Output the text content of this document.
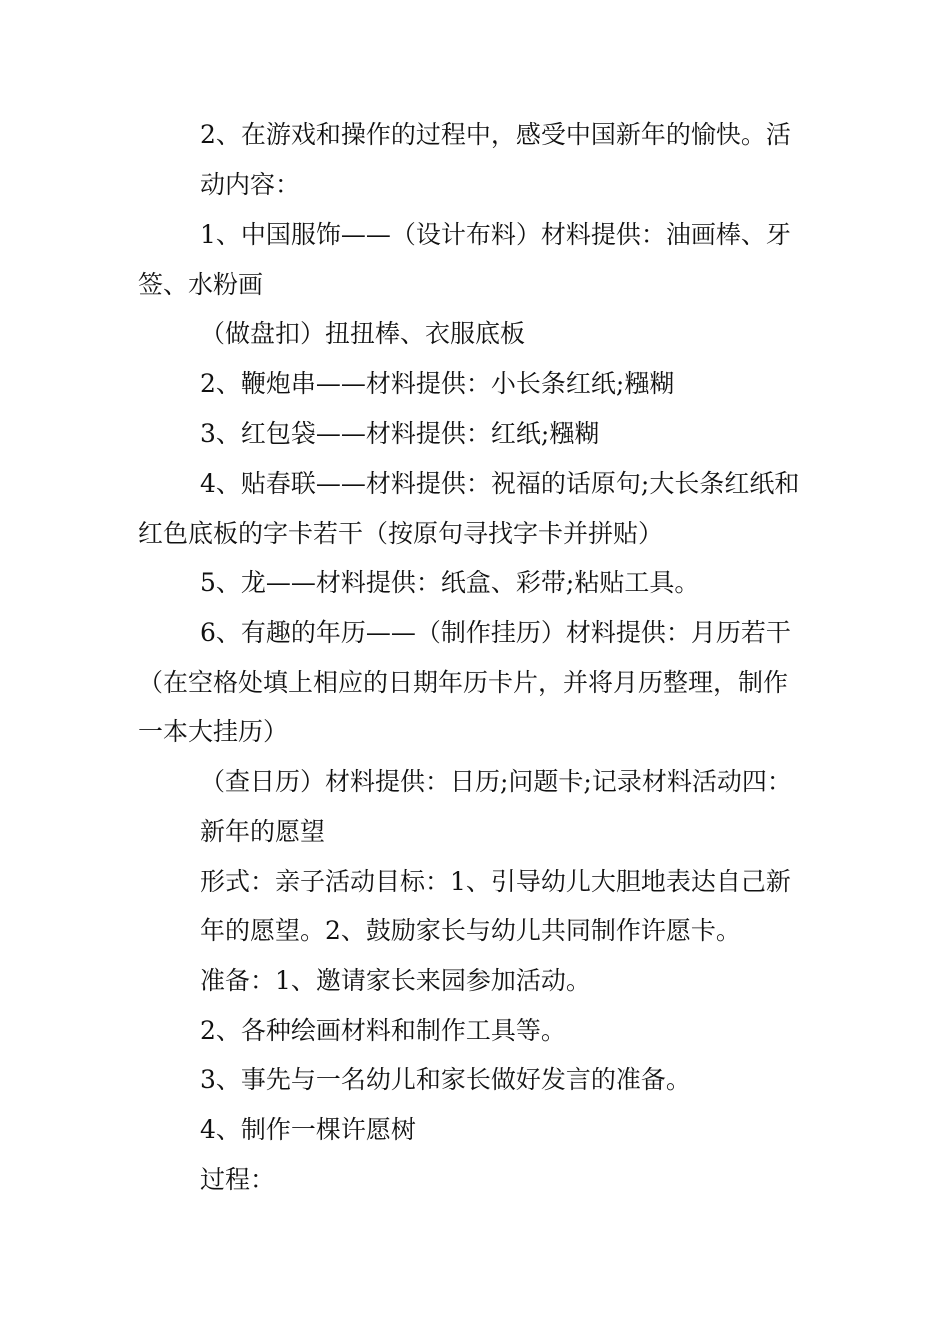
2、在游戏和操作的过程中，感受中国新年的愉快。活
动内容：
1、中国服饰——（设计布料）材料提供：油画棒、牙
签、水粉画
（做盘扣）扭扭棒、衣服底板
2、鞭炮串——材料提供：小长条红纸;糨糊
3、红包袋——材料提供：红纸;糨糊
4、贴春联——材料提供：祝福的话原句;大长条红纸和
红色底板的字卡若干（按原句寻找字卡并拼贴）
5、龙——材料提供：纸盒、彩带;粘贴工具。
6、有趣的年历——（制作挂历）材料提供：月历若干
（在空格处填上相应的日期年历卡片，并将月历整理，制作
一本大挂历）
（查日历）材料提供：日历;问题卡;记录材料活动四：
新年的愿望
形式：亲子活动目标：1、引导幼儿大胆地表达自己新
年的愿望。2、鼓励家长与幼儿共同制作许愿卡。
准备：1、邀请家长来园参加活动。
2、各种绘画材料和制作工具等。
3、事先与一名幼儿和家长做好发言的准备。
4、制作一棵许愿树
过程：
